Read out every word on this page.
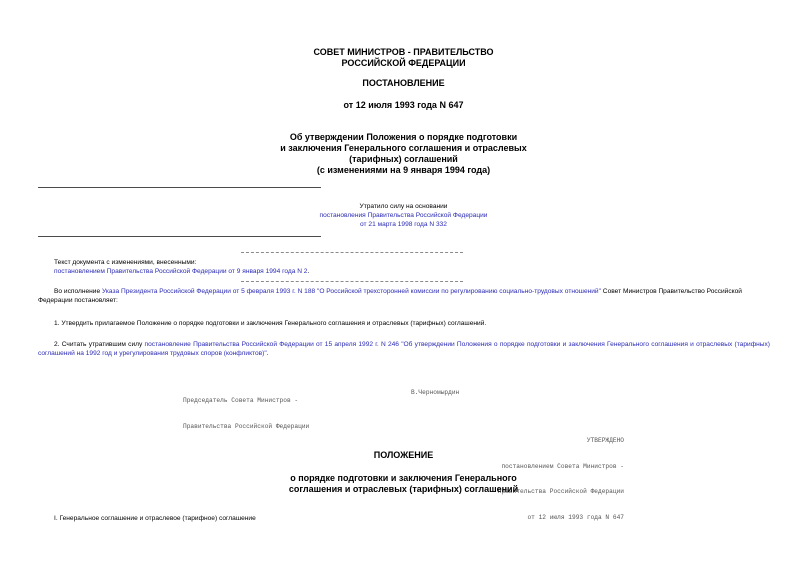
СОВЕТ МИНИСТРОВ - ПРАВИТЕЛЬСТВО
РОССИЙСКОЙ ФЕДЕРАЦИИ
ПОСТАНОВЛЕНИЕ
от 12 июля 1993 года N 647
Об утверждении Положения о порядке подготовки
и заключения Генерального соглашения и отраслевых
(тарифных) соглашений
(с изменениями на 9 января 1994 года)
Утратило силу на основании
постановления Правительства Российской Федерации
от 21 марта 1998 года N 332
Текст документа с изменениями, внесенными:
постановлением Правительства Российской Федерации от 9 января 1994 года N 2.

Во исполнение Указа Президента Российской Федерации от 5 февраля 1993 г. N 188 "О Российской трехсторонней комиссии по регулированию социально-трудовых отношений" Совет Министров Правительство Российской Федерации постановляет:

1. Утвердить прилагаемое Положение о порядке подготовки и заключения Генерального соглашения и отраслевых (тарифных) соглашений.

2. Считать утратившим силу постановление Правительства Российской Федерации от 15 апреля 1992 г. N 246 "Об утверждении Положения о порядке подготовки и заключения Генерального соглашения и отраслевых (тарифных) соглашений на 1992 год и урегулирования трудовых споров (конфликтов)".

Председатель Совета Министров -

Правительства Российской Федерации

В.Черномырдин

УТВЕРЖДЕНО

постановлением Совета Министров -

Правительства Российской Федерации

от 12 июля 1993 года N 647

ПОЛОЖЕНИЕ
о порядке подготовки и заключения Генерального
соглашения и отраслевых (тарифных) соглашений
I. Генеральное соглашение и отраслевое (тарифное) соглашение
